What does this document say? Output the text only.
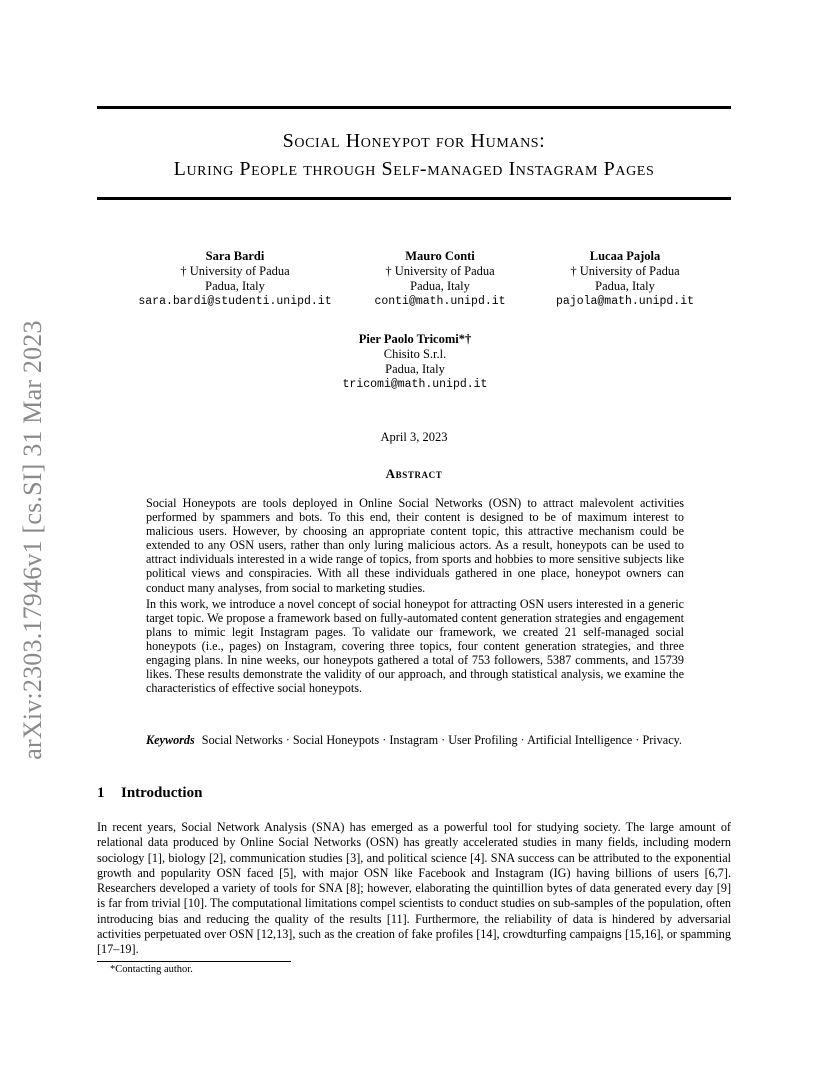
arXiv:2303.17946v1 [cs.SI] 31 Mar 2023
Social Honeypot for Humans:
Luring People through Self-managed Instagram Pages
Sara Bardi
† University of Padua
Padua, Italy
sara.bardi@studenti.unipd.it
Mauro Conti
† University of Padua
Padua, Italy
conti@math.unipd.it
Lucaa Pajola
† University of Padua
Padua, Italy
pajola@math.unipd.it
Pier Paolo Tricomi*†
Chisito S.r.l.
Padua, Italy
tricomi@math.unipd.it
April 3, 2023
Abstract

Social Honeypots are tools deployed in Online Social Networks (OSN) to attract malevolent activities performed by spammers and bots. To this end, their content is designed to be of maximum interest to malicious users. However, by choosing an appropriate content topic, this attractive mechanism could be extended to any OSN users, rather than only luring malicious actors. As a result, honeypots can be used to attract individuals interested in a wide range of topics, from sports and hobbies to more sensitive subjects like political views and conspiracies. With all these individuals gathered in one place, honeypot owners can conduct many analyses, from social to marketing studies.

In this work, we introduce a novel concept of social honeypot for attracting OSN users interested in a generic target topic. We propose a framework based on fully-automated content generation strategies and engagement plans to mimic legit Instagram pages. To validate our framework, we created 21 self-managed social honeypots (i.e., pages) on Instagram, covering three topics, four content generation strategies, and three engaging plans. In nine weeks, our honeypots gathered a total of 753 followers, 5387 comments, and 15739 likes. These results demonstrate the validity of our approach, and through statistical analysis, we examine the characteristics of effective social honeypots.

Keywords Social Networks · Social Honeypots · Instagram · User Profiling · Artificial Intelligence · Privacy.
1 Introduction

In recent years, Social Network Analysis (SNA) has emerged as a powerful tool for studying society. The large amount of relational data produced by Online Social Networks (OSN) has greatly accelerated studies in many fields, including modern sociology [1], biology [2], communication studies [3], and political science [4]. SNA success can be attributed to the exponential growth and popularity OSN faced [5], with major OSN like Facebook and Instagram (IG) having billions of users [6,7]. Researchers developed a variety of tools for SNA [8]; however, elaborating the quintillion bytes of data generated every day [9] is far from trivial [10]. The computational limitations compel scientists to conduct studies on sub-samples of the population, often introducing bias and reducing the quality of the results [11]. Furthermore, the reliability of data is hindered by adversarial activities perpetuated over OSN [12,13], such as the creation of fake profiles [14], crowdturfing campaigns [15,16], or spamming [17–19].

*Contacting author.
